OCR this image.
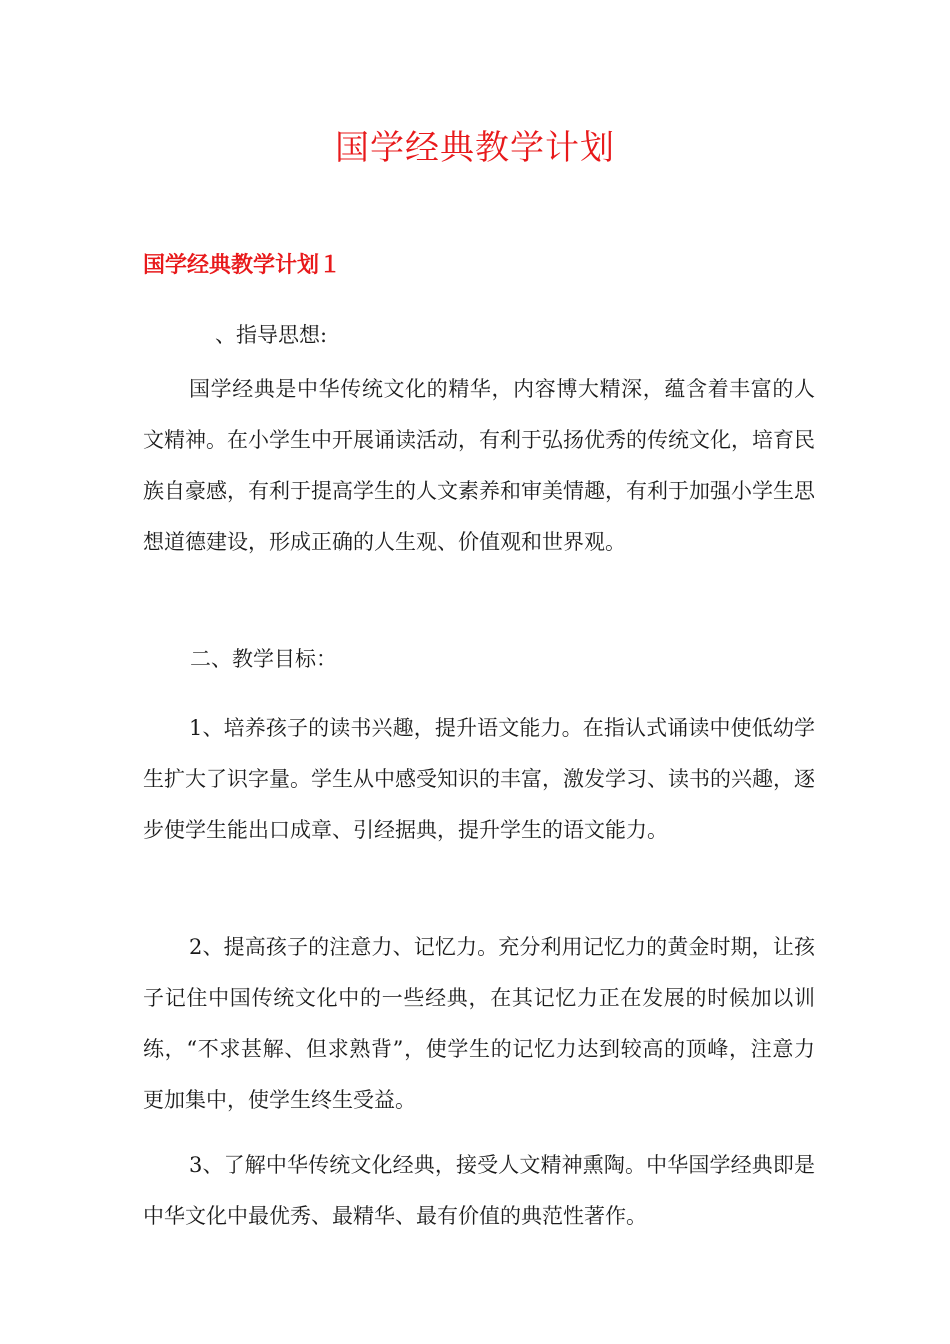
国学经典教学计划
国学经典教学计划１

、指导思想:

国学经典是中华传统文化的精华，内容博大精深，蕴含着丰富的人文精神。在小学生中开展诵读活动，有利于弘扬优秀的传统文化，培育民族自豪感，有利于提高学生的人文素养和审美情趣，有利于加强小学生思想道德建设，形成正确的人生观、价值观和世界观。

二、教学目标：

1、培养孩子的读书兴趣，提升语文能力。在指认式诵读中使低幼学生扩大了识字量。学生从中感受知识的丰富，激发学习、读书的兴趣，逐步使学生能出口成章、引经据典，提升学生的语文能力。

2、提高孩子的注意力、记忆力。充分利用记忆力的黄金时期，让孩子记住中国传统文化中的一些经典，在其记忆力正在发展的时候加以训练，“不求甚解、但求熟背”，使学生的记忆力达到较高的顶峰，注意力更加集中，使学生终生受益。

3、了解中华传统文化经典，接受人文精神熏陶。中华国学经典即是中华文化中最优秀、最精华、最有价值的典范性著作。
